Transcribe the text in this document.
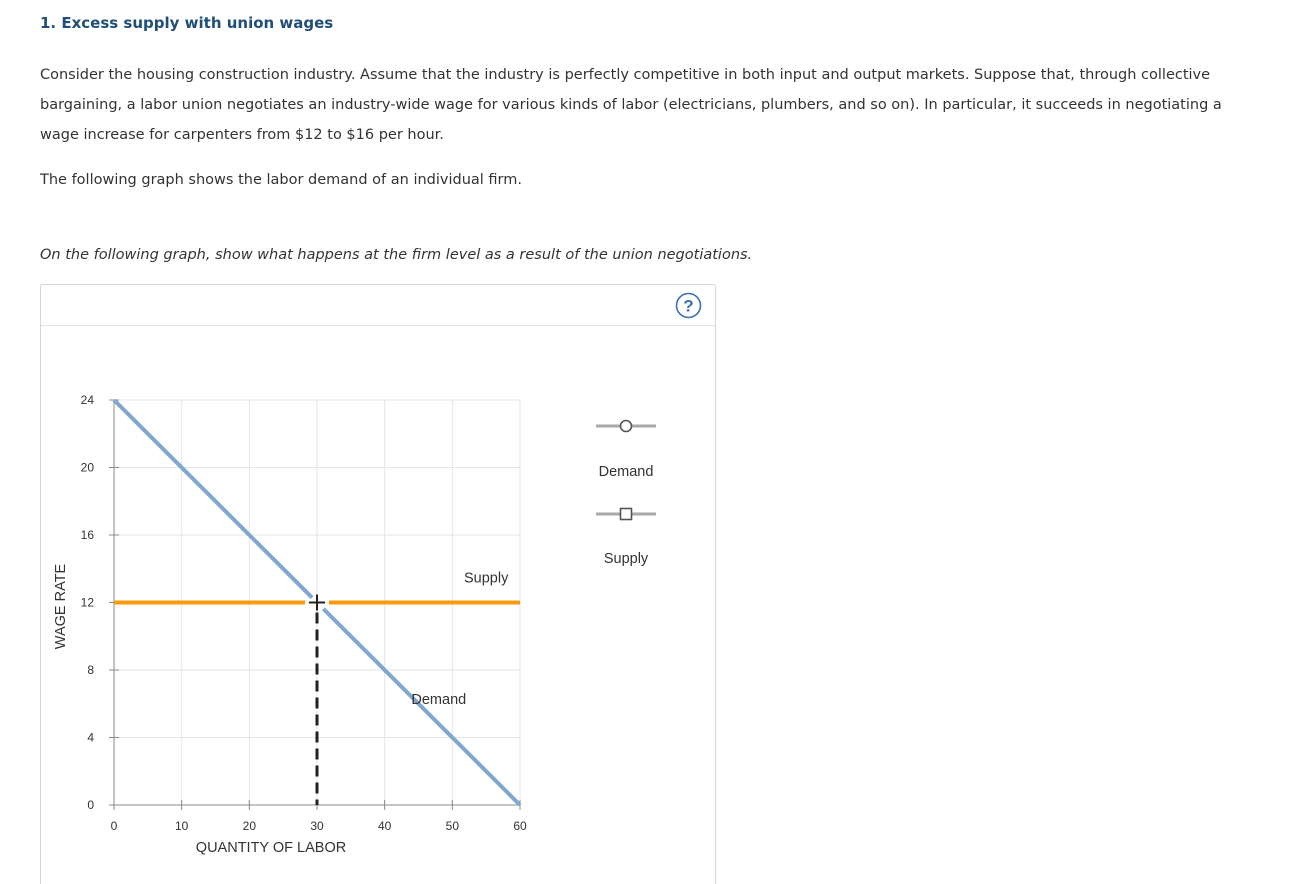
1. Excess supply with union wages

Consider the housing construction industry. Assume that the industry is perfectly competitive in both input and output markets. Suppose that, through collective bargaining, a labor union negotiates an industry-wide wage for various kinds of labor (electricians, plumbers, and so on). In particular, it succeeds in negotiating a wage increase for carpenters from $12 to $16 per hour.

The following graph shows the labor demand of an individual firm.

On the following graph, show what happens at the firm level as a result of the union negotiations.

?
0	10	20	30	40	50	60
0
4
8
12
16
20
24
QUANTITY OF LABOR
WAGE RATE	Supply
Demand
Demand
Supply
